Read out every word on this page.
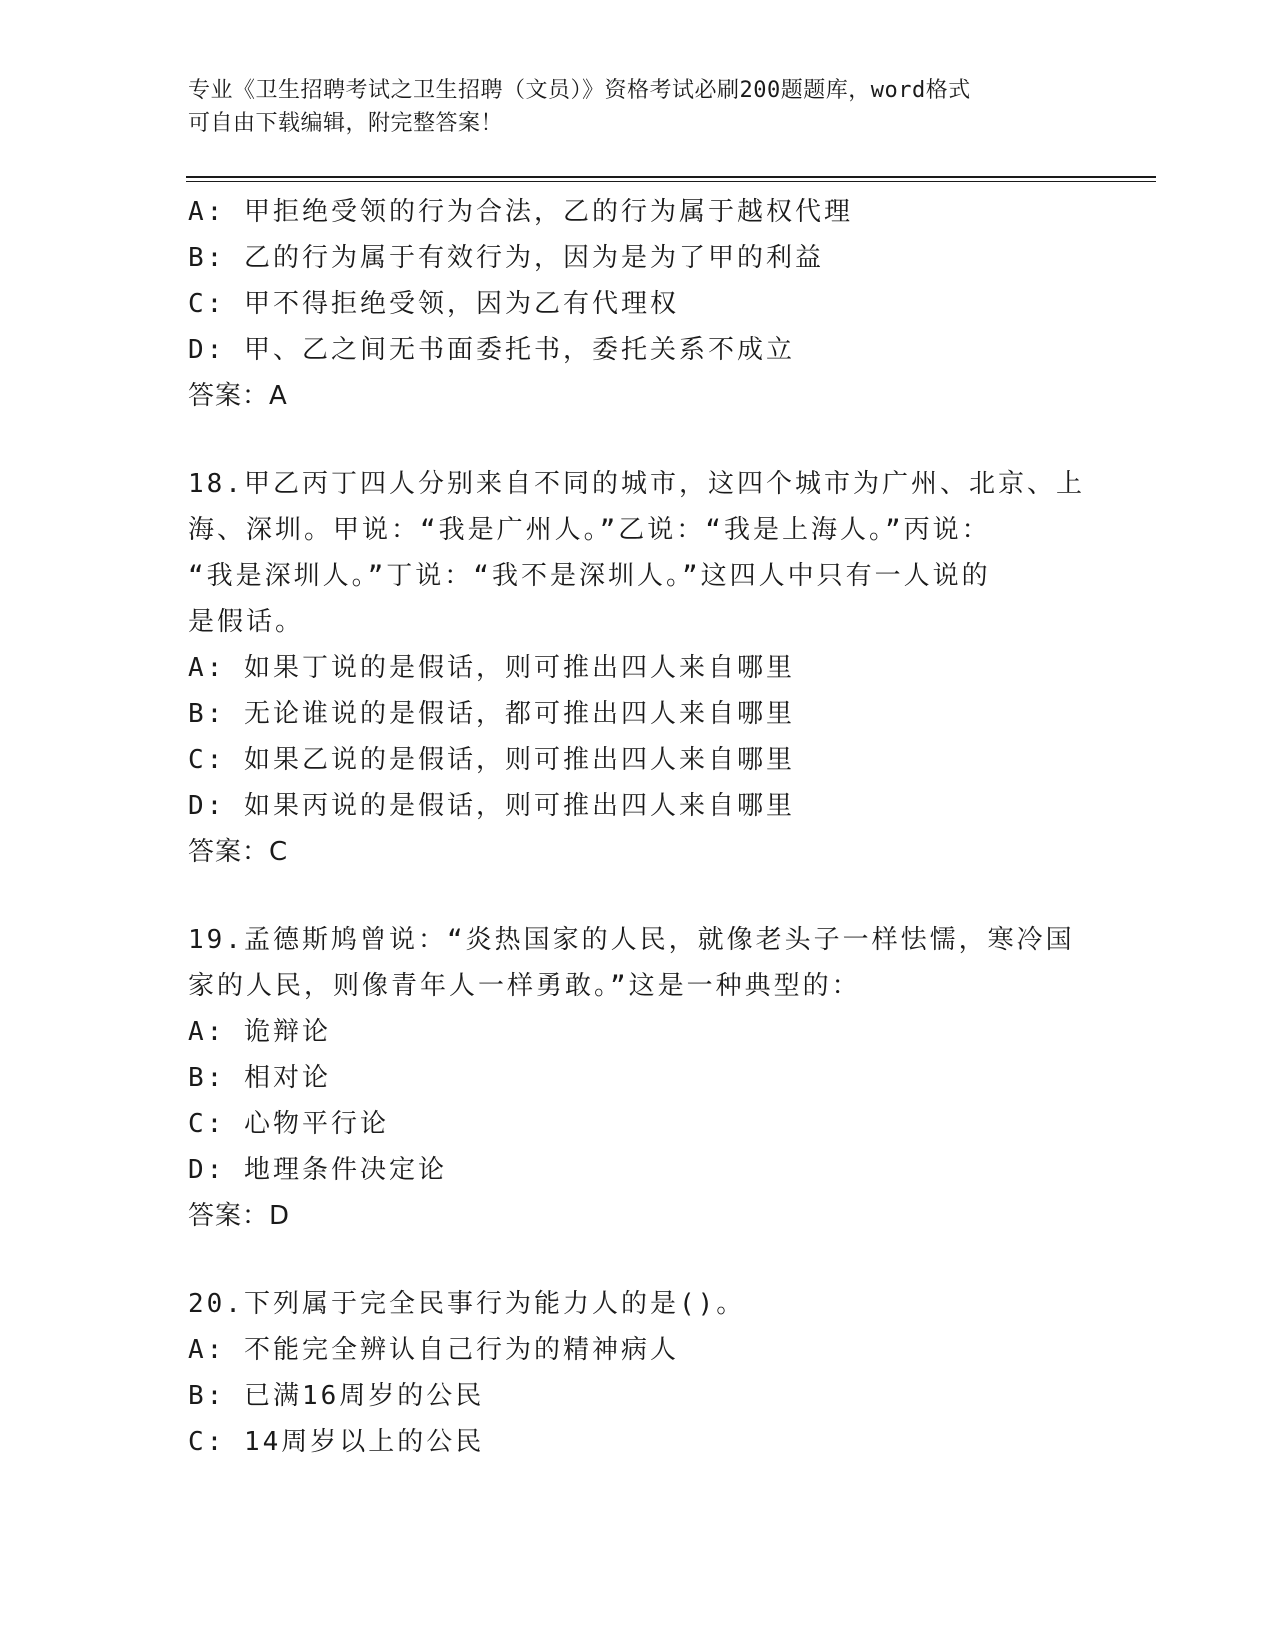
专业《卫生招聘考试之卫生招聘（文员）》资格考试必刷200题题库，word格式
可自由下载编辑，附完整答案！
A: 甲拒绝受领的行为合法，乙的行为属于越权代理
B: 乙的行为属于有效行为，因为是为了甲的利益
C: 甲不得拒绝受领，因为乙有代理权
D: 甲、乙之间无书面委托书，委托关系不成立
答案：A
18.甲乙丙丁四人分别来自不同的城市，这四个城市为广州、北京、上
海、深圳。甲说：“我是广州人。”乙说：“我是上海人。”丙说：
“我是深圳人。”丁说：“我不是深圳人。”这四人中只有一人说的
是假话。
A: 如果丁说的是假话，则可推出四人来自哪里
B: 无论谁说的是假话，都可推出四人来自哪里
C: 如果乙说的是假话，则可推出四人来自哪里
D: 如果丙说的是假话，则可推出四人来自哪里
答案：C
19.孟德斯鸠曾说：“炎热国家的人民，就像老头子一样怯懦，寒冷国
家的人民，则像青年人一样勇敢。”这是一种典型的：
A: 诡辩论
B: 相对论
C: 心物平行论
D: 地理条件决定论
答案：D
20.下列属于完全民事行为能力人的是()。
A: 不能完全辨认自己行为的精神病人
B: 已满16周岁的公民
C: 14周岁以上的公民
